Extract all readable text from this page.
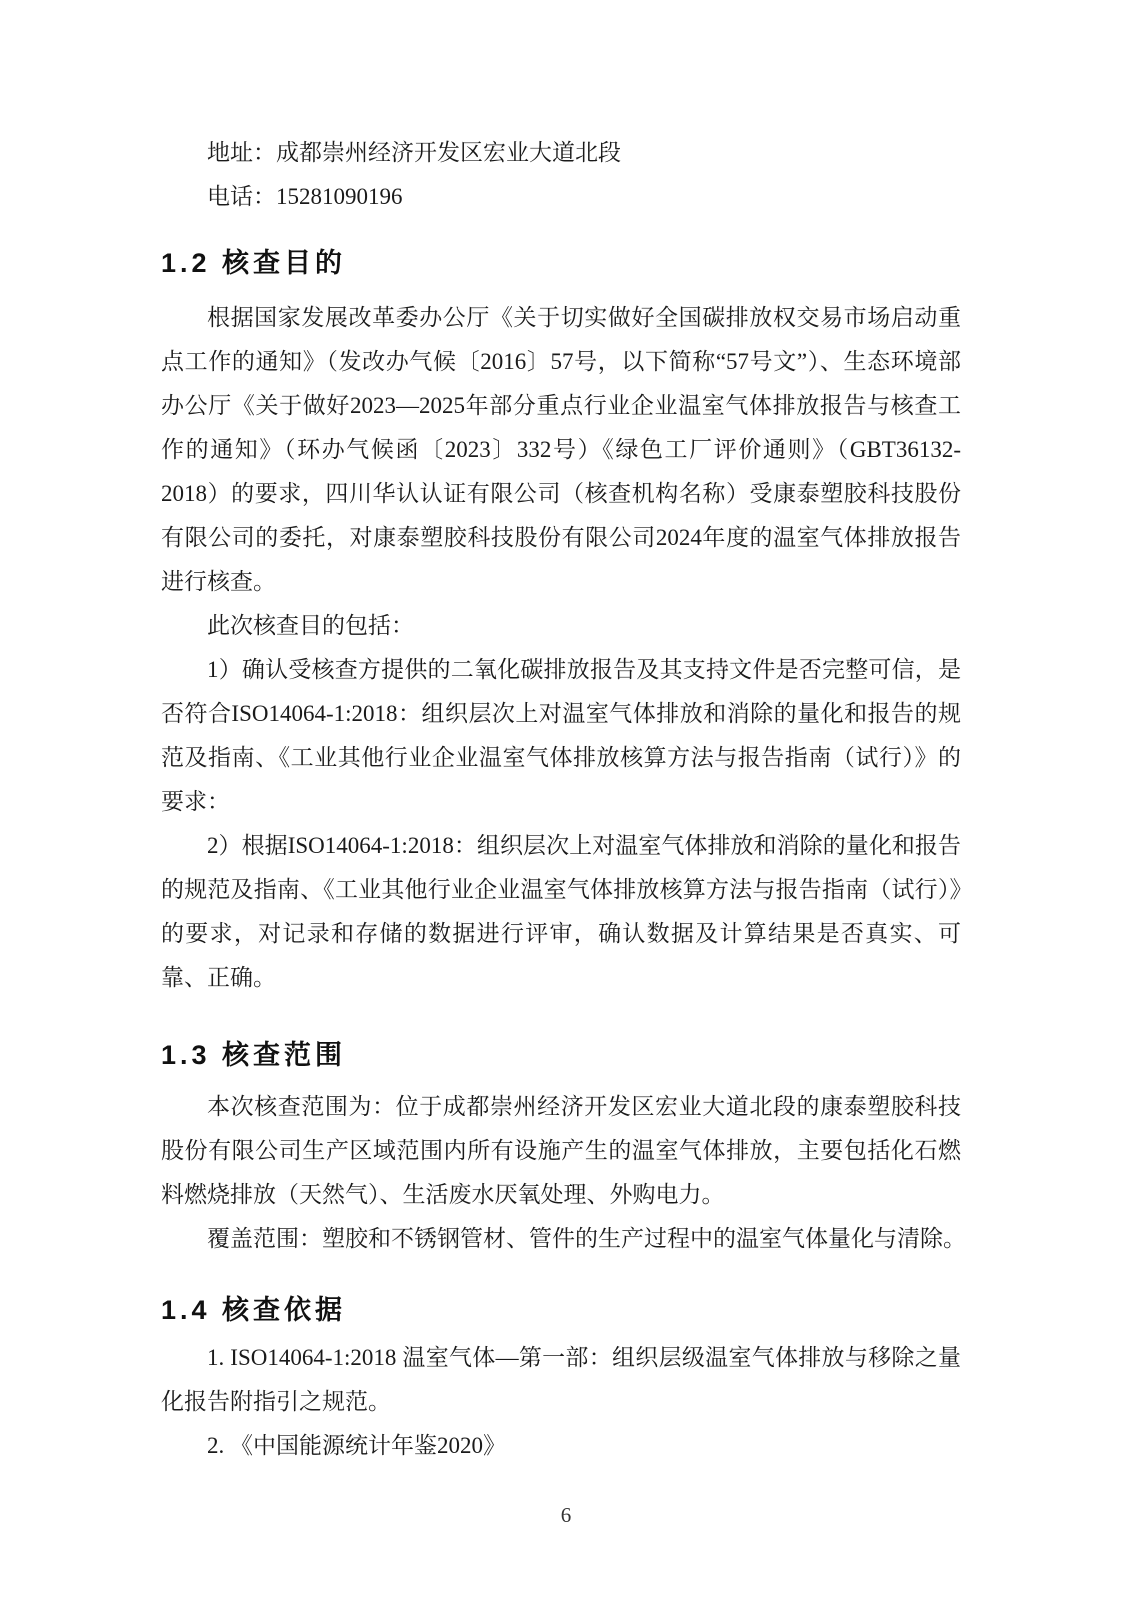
地址：成都崇州经济开发区宏业大道北段

电话：15281090196

1.2 核查目的

根据国家发展改革委办公厅《关于切实做好全国碳排放权交易市场启动重点工作的通知》（发改办气候〔2016〕57号，以下简称“57号文”）、生态环境部办公厅《关于做好2023—2025年部分重点行业企业温室气体排放报告与核查工作的通知》（环办气候函〔2023〕332号）《绿色工厂评价通则》（GBT36132-2018）的要求，四川华认认证有限公司（核查机构名称）受康泰塑胶科技股份有限公司的委托，对康泰塑胶科技股份有限公司2024年度的温室气体排放报告进行核查。

此次核查目的包括：

1）确认受核查方提供的二氧化碳排放报告及其支持文件是否完整可信，是否符合ISO14064-1:2018：组织层次上对温室气体排放和消除的量化和报告的规范及指南、《工业其他行业企业温室气体排放核算方法与报告指南（试行）》的要求：

2）根据ISO14064-1:2018：组织层次上对温室气体排放和消除的量化和报告的规范及指南、《工业其他行业企业温室气体排放核算方法与报告指南（试行）》的要求，对记录和存储的数据进行评审，确认数据及计算结果是否真实、可靠、正确。

1.3 核查范围

本次核查范围为：位于成都崇州经济开发区宏业大道北段的康泰塑胶科技股份有限公司生产区域范围内所有设施产生的温室气体排放，主要包括化石燃料燃烧排放（天然气）、生活废水厌氧处理、外购电力。

覆盖范围：塑胶和不锈钢管材、管件的生产过程中的温室气体量化与清除。

1.4 核查依据

1. ISO14064-1:2018 温室气体—第一部：组织层级温室气体排放与移除之量化报告附指引之规范。

2. 《中国能源统计年鉴2020》

6
